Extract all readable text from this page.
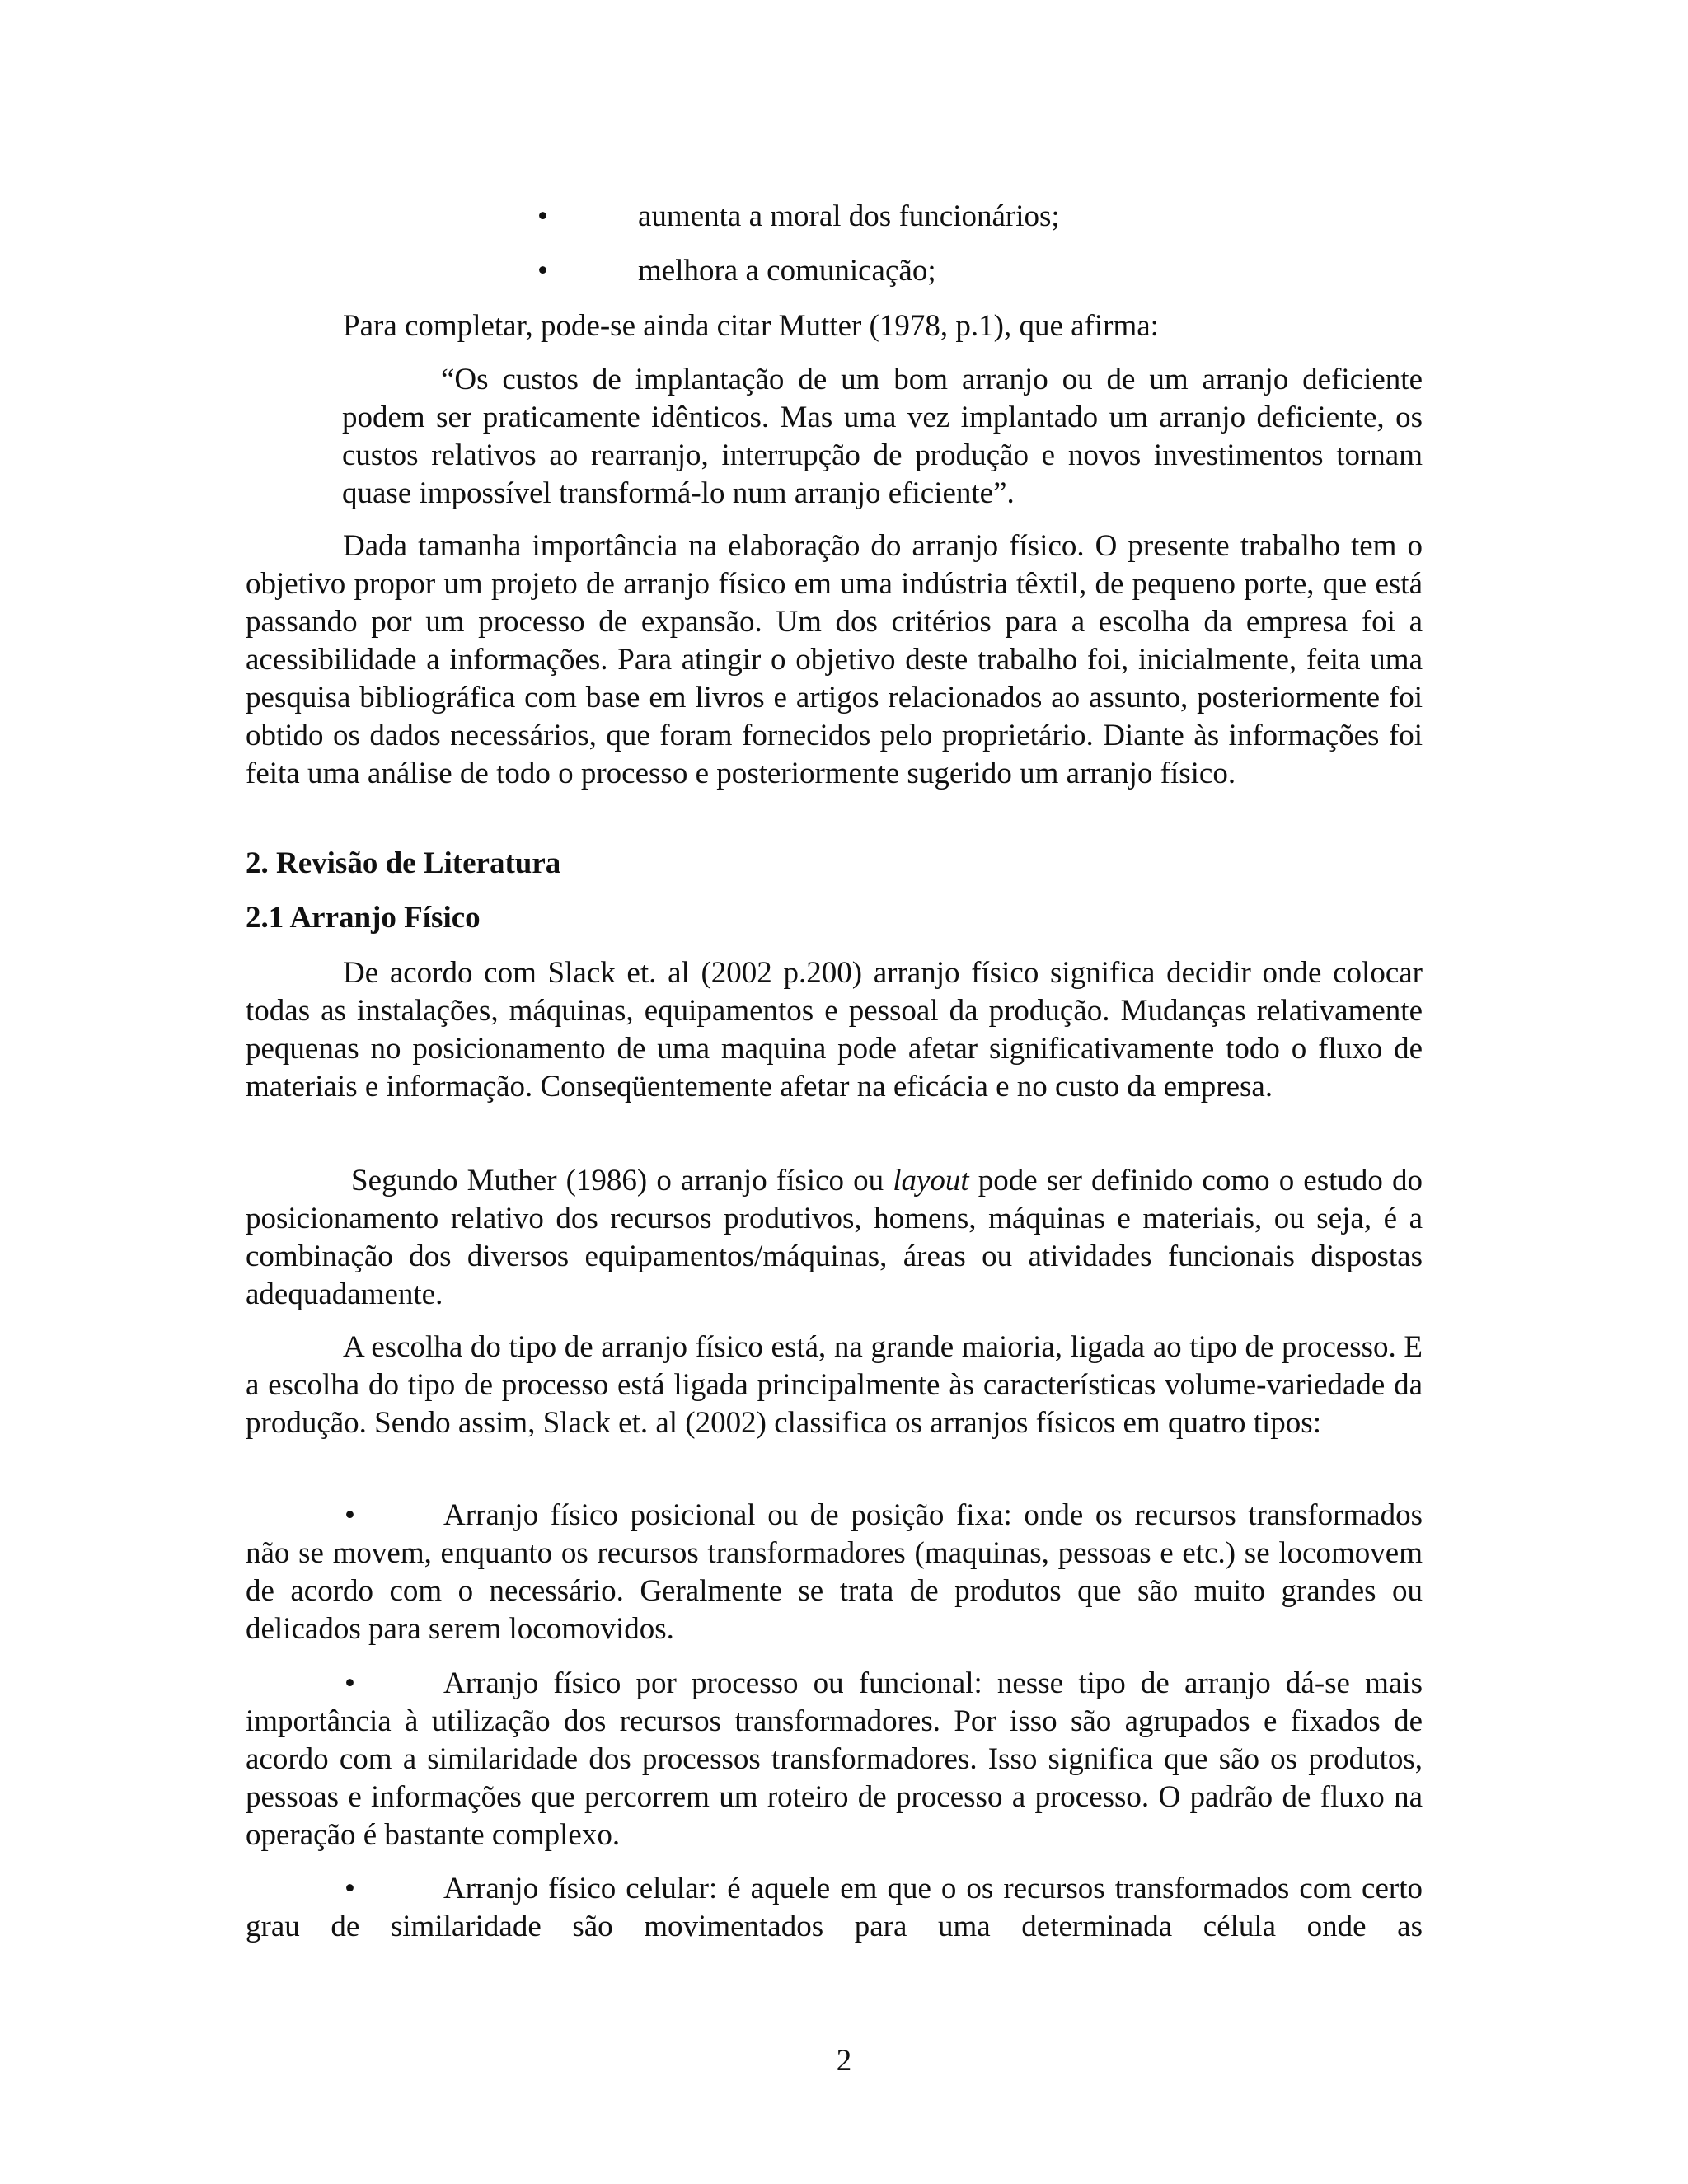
•	aumenta a moral dos funcionários;
•	melhora a comunicação;
Para completar, pode-se ainda citar Mutter (1978, p.1), que afirma:

“Os custos de implantação de um bom arranjo ou de um arranjo deficiente podem ser praticamente idênticos. Mas uma vez implantado um arranjo deficiente, os custos relativos ao rearranjo, interrupção de produção e novos investimentos tornam quase impossível transformá-lo num arranjo eficiente”.

Dada tamanha importância na elaboração do arranjo físico. O presente trabalho tem o objetivo propor um projeto de arranjo físico em uma indústria têxtil, de pequeno porte, que está passando por um processo de expansão. Um dos critérios para a escolha da empresa foi a acessibilidade a informações. Para atingir o objetivo deste trabalho foi, inicialmente, feita uma pesquisa bibliográfica com base em livros e artigos relacionados ao assunto, posteriormente foi obtido os dados necessários, que foram fornecidos pelo proprietário. Diante às informações foi feita uma análise de todo o processo e posteriormente sugerido um arranjo físico.

2. Revisão de Literatura
2.1 Arranjo Físico

De acordo com Slack et. al (2002 p.200) arranjo físico significa decidir onde colocar todas as instalações, máquinas, equipamentos e pessoal da produção. Mudanças relativamente pequenas no posicionamento de uma maquina pode afetar significativamente todo o fluxo de materiais e informação. Conseqüentemente afetar na eficácia e no custo da empresa.

Segundo Muther (1986) o arranjo físico ou layout pode ser definido como o estudo do posicionamento relativo dos recursos produtivos, homens, máquinas e materiais, ou seja, é a combinação dos diversos equipamentos/máquinas, áreas ou atividades funcionais dispostas adequadamente.

A escolha do tipo de arranjo físico está, na grande maioria, ligada ao tipo de processo. E a escolha do tipo de processo está ligada principalmente às características volume-variedade da produção. Sendo assim, Slack et. al (2002) classifica os arranjos físicos em quatro tipos:

•	Arranjo físico posicional ou de posição fixa: onde os recursos transformados não se movem, enquanto os recursos transformadores (maquinas, pessoas e etc.) se locomovem de acordo com o necessário. Geralmente se trata de produtos que são muito grandes ou delicados para serem locomovidos.

•	Arranjo físico por processo ou funcional: nesse tipo de arranjo dá-se mais importância à utilização dos recursos transformadores. Por isso são agrupados e fixados de acordo com a similaridade dos processos transformadores. Isso significa que são os produtos, pessoas e informações que percorrem um roteiro de processo a processo. O padrão de fluxo na operação é bastante complexo.

•	Arranjo físico celular: é aquele em que o os recursos transformados com certo grau de similaridade são movimentados para uma determinada célula onde as

2
